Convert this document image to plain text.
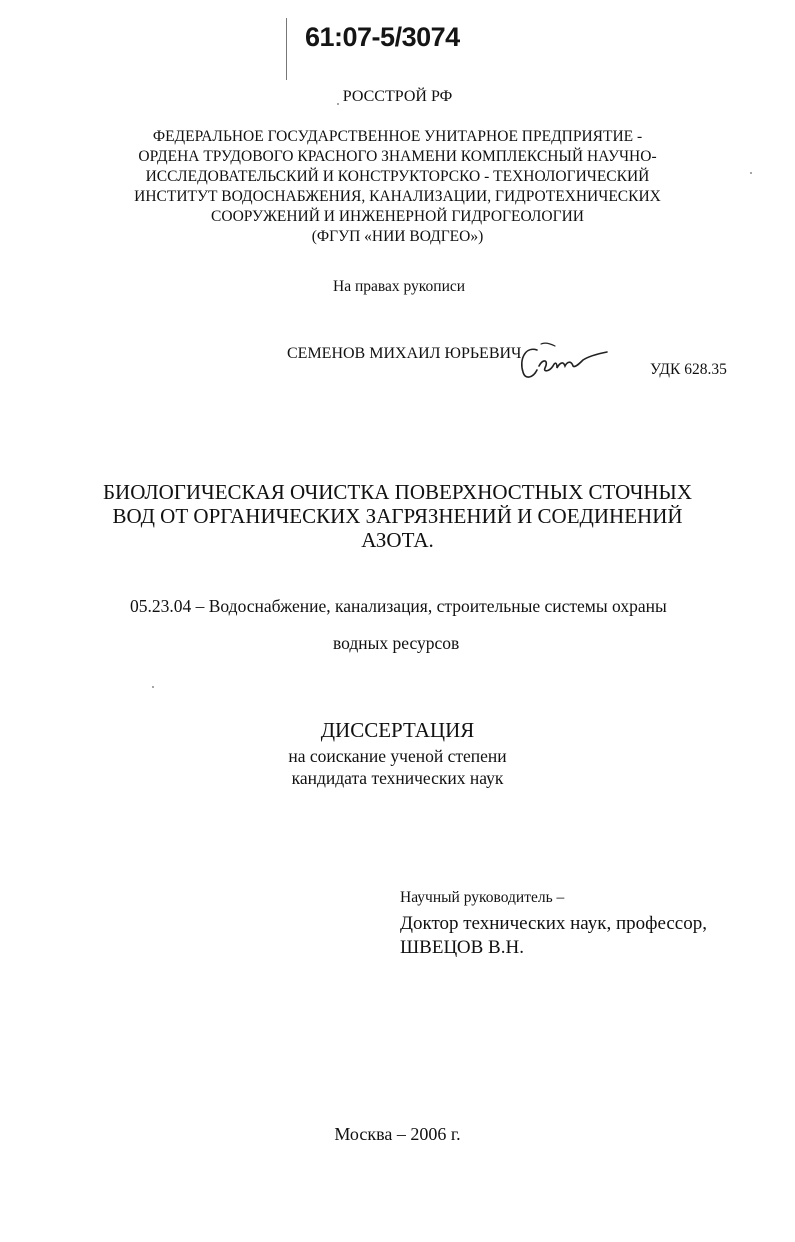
61:07-5/3074
РОССТРОЙ РФ
ФЕДЕРАЛЬНОЕ ГОСУДАРСТВЕННОЕ УНИТАРНОЕ ПРЕДПРИЯТИЕ -
ОРДЕНА ТРУДОВОГО КРАСНОГО ЗНАМЕНИ КОМПЛЕКСНЫЙ НАУЧНО-
ИССЛЕДОВАТЕЛЬСКИЙ И КОНСТРУКТОРСКО - ТЕХНОЛОГИЧЕСКИЙ
ИНСТИТУТ ВОДОСНАБЖЕНИЯ, КАНАЛИЗАЦИИ, ГИДРОТЕХНИЧЕСКИХ
СООРУЖЕНИЙ И ИНЖЕНЕРНОЙ ГИДРОГЕОЛОГИИ
(ФГУП «НИИ ВОДГЕО»)
На правах рукописи
СЕМЕНОВ МИХАИЛ ЮРЬЕВИЧ
УДК 628.35
БИОЛОГИЧЕСКАЯ ОЧИСТКА ПОВЕРХНОСТНЫХ СТОЧНЫХ
ВОД ОТ ОРГАНИЧЕСКИХ ЗАГРЯЗНЕНИЙ И СОЕДИНЕНИЙ
АЗОТА.
05.23.04 – Водоснабжение, канализация, строительные системы охраны
водных ресурсов
ДИССЕРТАЦИЯ
на соискание ученой степени
кандидата технических наук
Научный руководитель –
Доктор технических наук, профессор,
ШВЕЦОВ В.Н.
Москва – 2006 г.
